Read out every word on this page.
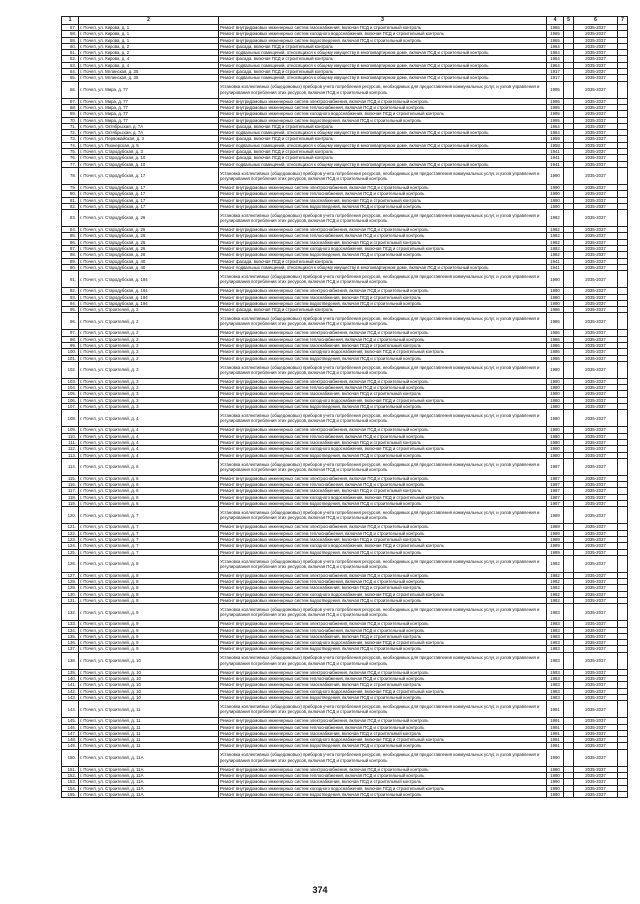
1	2	3	4	5	6	7
57.	г. Почеп, ул. Кирова, д. 1	Ремонт внутридомовых инженерных систем газоснабжения, включая ПСД и строительный контроль	1965		2035-2037	
58.	г. Почеп, ул. Кирова, д. 1	Ремонт внутридомовых инженерных систем холодного водоснабжения, включая ПСД и строительный контроль	1965		2035-2037	
59.	г. Почеп, ул. Кирова, д. 1	Ремонт внутридомовых инженерных систем водоотведения, включая ПСД и строительный контроль	1965		2035-2037	
60.	г. Почеп, ул. Кирова, д. 2	Ремонт фасада, включая ПСД и строительный контроль	1964		2035-2037	
61.	г. Почеп, ул. Кирова, д. 2	Ремонт подвальных помещений, относящихся к общему имуществу в многоквартирном доме, включая ПСД и строительный контроль	1964		2035-2037	
62.	г. Почеп, ул. Кирова, д. 4	Ремонт фасада, включая ПСД и строительный контроль	1964		2035-2037	
63.	г. Почеп, ул. Кирова, д. 4	Ремонт подвальных помещений, относящихся к общему имуществу в многоквартирном доме, включая ПСД и строительный контроль	1964		2035-2037	
64.	г. Почеп, ул. Мглинская, д. 35	Ремонт фасада, включая ПСД и строительный контроль	1917		2035-2037	
65.	г. Почеп, ул. Мглинская, д. 35	Ремонт подвальных помещений, относящихся к общему имуществу в многоквартирном доме, включая ПСД и строительный контроль	1917		2035-2037	
66.	г. Почеп, ул. Мира, д. 77	Установка коллективных (общедомовых) приборов учета потребления ресурсов, необходимых для предоставления коммунальных услуг, и узлов управления и регулирования потребления этих ресурсов, включая ПСД и строительный контроль	1995		2035-2037	
67.	г. Почеп, ул. Мира, д. 77	Ремонт внутридомовых инженерных систем электроснабжения, включая ПСД и строительный контроль	1995		2035-2037	
68.	г. Почеп, ул. Мира, д. 77	Ремонт внутридомовых инженерных систем теплоснабжения, включая ПСД и строительный контроль	1995		2035-2037	
69.	г. Почеп, ул. Мира, д. 77	Ремонт внутридомовых инженерных систем холодного водоснабжения, включая ПСД и строительный контроль	1995		2035-2037	
70.	г. Почеп, ул. Мира, д. 77	Ремонт внутридомовых инженерных систем водоотведения, включая ПСД и строительный контроль	1995		2035-2037	
71.	г. Почеп, ул. Октябрьская, д. 7А	Ремонт фасада, включая ПСД и строительный контроль	1964		2035-2037	
72.	г. Почеп, ул. Октябрьская, д. 7А	Ремонт подвальных помещений, относящихся к общему имуществу в многоквартирном доме, включая ПСД и строительный контроль	1964		2035-2037	
73.	г. Почеп, ул. Первомайская, д. 3	Ремонт фасада, включая ПСД и строительный контроль	1959		2035-2037	
74.	г. Почеп, ул. Пионерская, д. 5	Ремонт подвальных помещений, относящихся к общему имуществу в многоквартирном доме, включая ПСД и строительный контроль	1958		2035-2037	
75.	г. Почеп, ул. Стародубская, д. 3	Ремонт фасада, включая ПСД и строительный контроль	1941		2035-2037	
76.	г. Почеп, ул. Стародубская, д. 10	Ремонт фасада, включая ПСД и строительный контроль	1941		2035-2037	
77.	г. Почеп, ул. Стародубская, д. 10	Ремонт подвальных помещений, относящихся к общему имуществу в многоквартирном доме, включая ПСД и строительный контроль	1941		2035-2037	
78.	г. Почеп, ул. Стародубская, д. 17	Установка коллективных (общедомовых) приборов учета потребления ресурсов, необходимых для предоставления коммунальных услуг, и узлов управления и регулирования потребления этих ресурсов, включая ПСД и строительный контроль	1990		2035-2037	
79.	г. Почеп, ул. Стародубская, д. 17	Ремонт внутридомовых инженерных систем электроснабжения, включая ПСД и строительный контроль	1990		2035-2037	
80.	г. Почеп, ул. Стародубская, д. 17	Ремонт внутридомовых инженерных систем теплоснабжения, включая ПСД и строительный контроль	1990		2035-2037	
81.	г. Почеп, ул. Стародубская, д. 17	Ремонт внутридомовых инженерных систем газоснабжения, включая ПСД и строительный контроль	1990		2035-2037	
82.	г. Почеп, ул. Стародубская, д. 17	Ремонт внутридомовых инженерных систем водоотведения, включая ПСД и строительный контроль	1990		2035-2037	
83.	г. Почеп, ул. Стародубская, д. 26	Установка коллективных (общедомовых) приборов учета потребления ресурсов, необходимых для предоставления коммунальных услуг, и узлов управления и регулирования потребления этих ресурсов, включая ПСД и строительный контроль	1982		2035-2037	
84.	г. Почеп, ул. Стародубская, д. 26	Ремонт внутридомовых инженерных систем электроснабжения, включая ПСД и строительный контроль	1982		2035-2037	
85.	г. Почеп, ул. Стародубская, д. 26	Ремонт внутридомовых инженерных систем теплоснабжения, включая ПСД и строительный контроль	1982		2035-2037	
86.	г. Почеп, ул. Стародубская, д. 26	Ремонт внутридомовых инженерных систем газоснабжения, включая ПСД и строительный контроль	1982		2035-2037	
87.	г. Почеп, ул. Стародубская, д. 26	Ремонт внутридомовых инженерных систем холодного водоснабжения, включая ПСД и строительный контроль	1982		2035-2037	
88.	г. Почеп, ул. Стародубская, д. 26	Ремонт внутридомовых инженерных систем водоотведения, включая ПСД и строительный контроль	1982		2035-2037	
89.	г. Почеп, ул. Стародубская, д. 40	Ремонт фасада, включая ПСД и строительный контроль	1941		2035-2037	
90.	г. Почеп, ул. Стародубская, д. 40	Ремонт подвальных помещений, относящихся к общему имуществу в многоквартирном доме, включая ПСД и строительный контроль	1941		2035-2037	
91.	г. Почеп, ул. Стародубская, д. 194	Установка коллективных (общедомовых) приборов учета потребления ресурсов, необходимых для предоставления коммунальных услуг, и узлов управления и регулирования потребления этих ресурсов, включая ПСД и строительный контроль	1990		2035-2037	
92.	г. Почеп, ул. Стародубская, д. 194	Ремонт внутридомовых инженерных систем электроснабжения, включая ПСД и строительный контроль	1990		2035-2037	
93.	г. Почеп, ул. Стародубская, д. 194	Ремонт внутридомовых инженерных систем газоснабжения, включая ПСД и строительный контроль	1990		2035-2037	
94.	г. Почеп, ул. Стародубская, д. 194	Ремонт внутридомовых инженерных систем водоотведения, включая ПСД и строительный контроль	1990		2035-2037	
95.	г. Почеп, ул. Строителей, д. 2	Ремонт фасада, включая ПСД и строительный контроль	1986		2035-2037	
96.	г. Почеп, ул. Строителей, д. 2	Установка коллективных (общедомовых) приборов учета потребления ресурсов, необходимых для предоставления коммунальных услуг, и узлов управления и регулирования потребления этих ресурсов, включая ПСД и строительный контроль	1986		2035-2037	
97.	г. Почеп, ул. Строителей, д. 2	Ремонт внутридомовых инженерных систем электроснабжения, включая ПСД и строительный контроль	1986		2035-2037	
98.	г. Почеп, ул. Строителей, д. 2	Ремонт внутридомовых инженерных систем теплоснабжения, включая ПСД и строительный контроль	1986		2035-2037	
99.	г. Почеп, ул. Строителей, д. 2	Ремонт внутридомовых инженерных систем газоснабжения, включая ПСД и строительный контроль	1986		2035-2037	
100.	г. Почеп, ул. Строителей, д. 2	Ремонт внутридомовых инженерных систем холодного водоснабжения, включая ПСД и строительный контроль	1986		2035-2037	
101.	г. Почеп, ул. Строителей, д. 2	Ремонт внутридомовых инженерных систем водоотведения, включая ПСД и строительный контроль	1986		2035-2037	
102.	г. Почеп, ул. Строителей, д. 3	Установка коллективных (общедомовых) приборов учета потребления ресурсов, необходимых для предоставления коммунальных услуг, и узлов управления и регулирования потребления этих ресурсов, включая ПСД и строительный контроль	1980		2035-2037	
103.	г. Почеп, ул. Строителей, д. 3	Ремонт внутридомовых инженерных систем электроснабжения, включая ПСД и строительный контроль	1980		2035-2037	
104.	г. Почеп, ул. Строителей, д. 3	Ремонт внутридомовых инженерных систем теплоснабжения, включая ПСД и строительный контроль	1980		2035-2037	
105.	г. Почеп, ул. Строителей, д. 3	Ремонт внутридомовых инженерных систем газоснабжения, включая ПСД и строительный контроль	1980		2035-2037	
106.	г. Почеп, ул. Строителей, д. 3	Ремонт внутридомовых инженерных систем холодного водоснабжения, включая ПСД и строительный контроль	1980		2035-2037	
107.	г. Почеп, ул. Строителей, д. 3	Ремонт внутридомовых инженерных систем водоотведения, включая ПСД и строительный контроль	1980		2035-2037	
108.	г. Почеп, ул. Строителей, д. 4	Установка коллективных (общедомовых) приборов учета потребления ресурсов, необходимых для предоставления коммунальных услуг, и узлов управления и регулирования потребления этих ресурсов, включая ПСД и строительный контроль	1980		2035-2037	
109.	г. Почеп, ул. Строителей, д. 4	Ремонт внутридомовых инженерных систем электроснабжения, включая ПСД и строительный контроль	1980		2035-2037	
110.	г. Почеп, ул. Строителей, д. 4	Ремонт внутридомовых инженерных систем теплоснабжения, включая ПСД и строительный контроль	1980		2035-2037	
111.	г. Почеп, ул. Строителей, д. 4	Ремонт внутридомовых инженерных систем газоснабжения, включая ПСД и строительный контроль	1980		2035-2037	
112.	г. Почеп, ул. Строителей, д. 4	Ремонт внутридомовых инженерных систем холодного водоснабжения, включая ПСД и строительный контроль	1980		2035-2037	
113.	г. Почеп, ул. Строителей, д. 4	Ремонт внутридомовых инженерных систем водоотведения, включая ПСД и строительный контроль	1980		2035-2037	
114.	г. Почеп, ул. Строителей, д. 6	Установка коллективных (общедомовых) приборов учета потребления ресурсов, необходимых для предоставления коммунальных услуг, и узлов управления и регулирования потребления этих ресурсов, включая ПСД и строительный контроль	1987		2035-2037	
115.	г. Почеп, ул. Строителей, д. 6	Ремонт внутридомовых инженерных систем электроснабжения, включая ПСД и строительный контроль	1987		2035-2037	
116.	г. Почеп, ул. Строителей, д. 6	Ремонт внутридомовых инженерных систем теплоснабжения, включая ПСД и строительный контроль	1987		2035-2037	
117.	г. Почеп, ул. Строителей, д. 6	Ремонт внутридомовых инженерных систем газоснабжения, включая ПСД и строительный контроль	1987		2035-2037	
118.	г. Почеп, ул. Строителей, д. 6	Ремонт внутридомовых инженерных систем холодного водоснабжения, включая ПСД и строительный контроль	1987		2035-2037	
119.	г. Почеп, ул. Строителей, д. 6	Ремонт внутридомовых инженерных систем водоотведения, включая ПСД и строительный контроль	1987		2035-2037	
120.	г. Почеп, ул. Строителей, д. 7	Установка коллективных (общедомовых) приборов учета потребления ресурсов, необходимых для предоставления коммунальных услуг, и узлов управления и регулирования потребления этих ресурсов, включая ПСД и строительный контроль	1989		2035-2037	
121.	г. Почеп, ул. Строителей, д. 7	Ремонт внутридомовых инженерных систем электроснабжения, включая ПСД и строительный контроль	1989		2035-2037	
122.	г. Почеп, ул. Строителей, д. 7	Ремонт внутридомовых инженерных систем теплоснабжения, включая ПСД и строительный контроль	1989		2035-2037	
123.	г. Почеп, ул. Строителей, д. 7	Ремонт внутридомовых инженерных систем газоснабжения, включая ПСД и строительный контроль	1989		2035-2037	
124.	г. Почеп, ул. Строителей, д. 7	Ремонт внутридомовых инженерных систем холодного водоснабжения, включая ПСД и строительный контроль	1989		2035-2037	
125.	г. Почеп, ул. Строителей, д. 7	Ремонт внутридомовых инженерных систем водоотведения, включая ПСД и строительный контроль	1989		2035-2037	
126.	г. Почеп, ул. Строителей, д. 8	Установка коллективных (общедомовых) приборов учета потребления ресурсов, необходимых для предоставления коммунальных услуг, и узлов управления и регулирования потребления этих ресурсов, включая ПСД и строительный контроль	1982		2035-2037	
127.	г. Почеп, ул. Строителей, д. 8	Ремонт внутридомовых инженерных систем электроснабжения, включая ПСД и строительный контроль	1982		2035-2037	
128.	г. Почеп, ул. Строителей, д. 8	Ремонт внутридомовых инженерных систем теплоснабжения, включая ПСД и строительный контроль	1982		2035-2037	
129.	г. Почеп, ул. Строителей, д. 8	Ремонт внутридомовых инженерных систем газоснабжения, включая ПСД и строительный контроль	1982		2035-2037	
130.	г. Почеп, ул. Строителей, д. 8	Ремонт внутридомовых инженерных систем холодного водоснабжения, включая ПСД и строительный контроль	1982		2035-2037	
131.	г. Почеп, ул. Строителей, д. 8	Ремонт внутридомовых инженерных систем водоотведения, включая ПСД и строительный контроль	1982		2035-2037	
132.	г. Почеп, ул. Строителей, д. 9	Установка коллективных (общедомовых) приборов учета потребления ресурсов, необходимых для предоставления коммунальных услуг, и узлов управления и регулирования потребления этих ресурсов, включая ПСД и строительный контроль	1983		2035-2037	
133.	г. Почеп, ул. Строителей, д. 9	Ремонт внутридомовых инженерных систем электроснабжения, включая ПСД и строительный контроль	1983		2035-2037	
134.	г. Почеп, ул. Строителей, д. 9	Ремонт внутридомовых инженерных систем теплоснабжения, включая ПСД и строительный контроль	1983		2035-2037	
135.	г. Почеп, ул. Строителей, д. 9	Ремонт внутридомовых инженерных систем газоснабжения, включая ПСД и строительный контроль	1983		2035-2037	
136.	г. Почеп, ул. Строителей, д. 9	Ремонт внутридомовых инженерных систем холодного водоснабжения, включая ПСД и строительный контроль	1983		2035-2037	
137.	г. Почеп, ул. Строителей, д. 9	Ремонт внутридомовых инженерных систем водоотведения, включая ПСД и строительный контроль	1983		2035-2037	
138.	г. Почеп, ул. Строителей, д. 10	Установка коллективных (общедомовых) приборов учета потребления ресурсов, необходимых для предоставления коммунальных услуг, и узлов управления и регулирования потребления этих ресурсов, включая ПСД и строительный контроль	1983		2035-2037	
139.	г. Почеп, ул. Строителей, д. 10	Ремонт внутридомовых инженерных систем электроснабжения, включая ПСД и строительный контроль	1983		2035-2037	
140.	г. Почеп, ул. Строителей, д. 10	Ремонт внутридомовых инженерных систем теплоснабжения, включая ПСД и строительный контроль	1983		2035-2037	
141.	г. Почеп, ул. Строителей, д. 10	Ремонт внутридомовых инженерных систем газоснабжения, включая ПСД и строительный контроль	1983		2035-2037	
142.	г. Почеп, ул. Строителей, д. 10	Ремонт внутридомовых инженерных систем холодного водоснабжения, включая ПСД и строительный контроль	1983		2035-2037	
143.	г. Почеп, ул. Строителей, д. 10	Ремонт внутридомовых инженерных систем водоотведения, включая ПСД и строительный контроль	1983		2035-2037	
144.	г. Почеп, ул. Строителей, д. 11	Установка коллективных (общедомовых) приборов учета потребления ресурсов, необходимых для предоставления коммунальных услуг, и узлов управления и регулирования потребления этих ресурсов, включая ПСД и строительный контроль	1991		2035-2037	
145.	г. Почеп, ул. Строителей, д. 11	Ремонт внутридомовых инженерных систем электроснабжения, включая ПСД и строительный контроль	1991		2035-2037	
146.	г. Почеп, ул. Строителей, д. 11	Ремонт внутридомовых инженерных систем теплоснабжения, включая ПСД и строительный контроль	1991		2035-2037	
147.	г. Почеп, ул. Строителей, д. 11	Ремонт внутридомовых инженерных систем газоснабжения, включая ПСД и строительный контроль	1991		2035-2037	
148.	г. Почеп, ул. Строителей, д. 11	Ремонт внутридомовых инженерных систем холодного водоснабжения, включая ПСД и строительный контроль	1991		2035-2037	
149.	г. Почеп, ул. Строителей, д. 11	Ремонт внутридомовых инженерных систем водоотведения, включая ПСД и строительный контроль	1991		2035-2037	
150.	г. Почеп, ул. Строителей, д. 11А	Установка коллективных (общедомовых) приборов учета потребления ресурсов, необходимых для предоставления коммунальных услуг, и узлов управления и регулирования потребления этих ресурсов, включая ПСД и строительный контроль	1990		2035-2037	
151.	г. Почеп, ул. Строителей, д. 11А	Ремонт внутридомовых инженерных систем электроснабжения, включая ПСД и строительный контроль	1990		2035-2037	
152.	г. Почеп, ул. Строителей, д. 11А	Ремонт внутридомовых инженерных систем теплоснабжения, включая ПСД и строительный контроль	1990		2035-2037	
153.	г. Почеп, ул. Строителей, д. 11А	Ремонт внутридомовых инженерных систем газоснабжения, включая ПСД и строительный контроль	1990		2035-2037	
154.	г. Почеп, ул. Строителей, д. 11А	Ремонт внутридомовых инженерных систем холодного водоснабжения, включая ПСД и строительный контроль	1990		2035-2037	
155.	г. Почеп, ул. Строителей, д. 11А	Ремонт внутридомовых инженерных систем водоотведения, включая ПСД и строительный контроль	1990		2035-2037	
374
